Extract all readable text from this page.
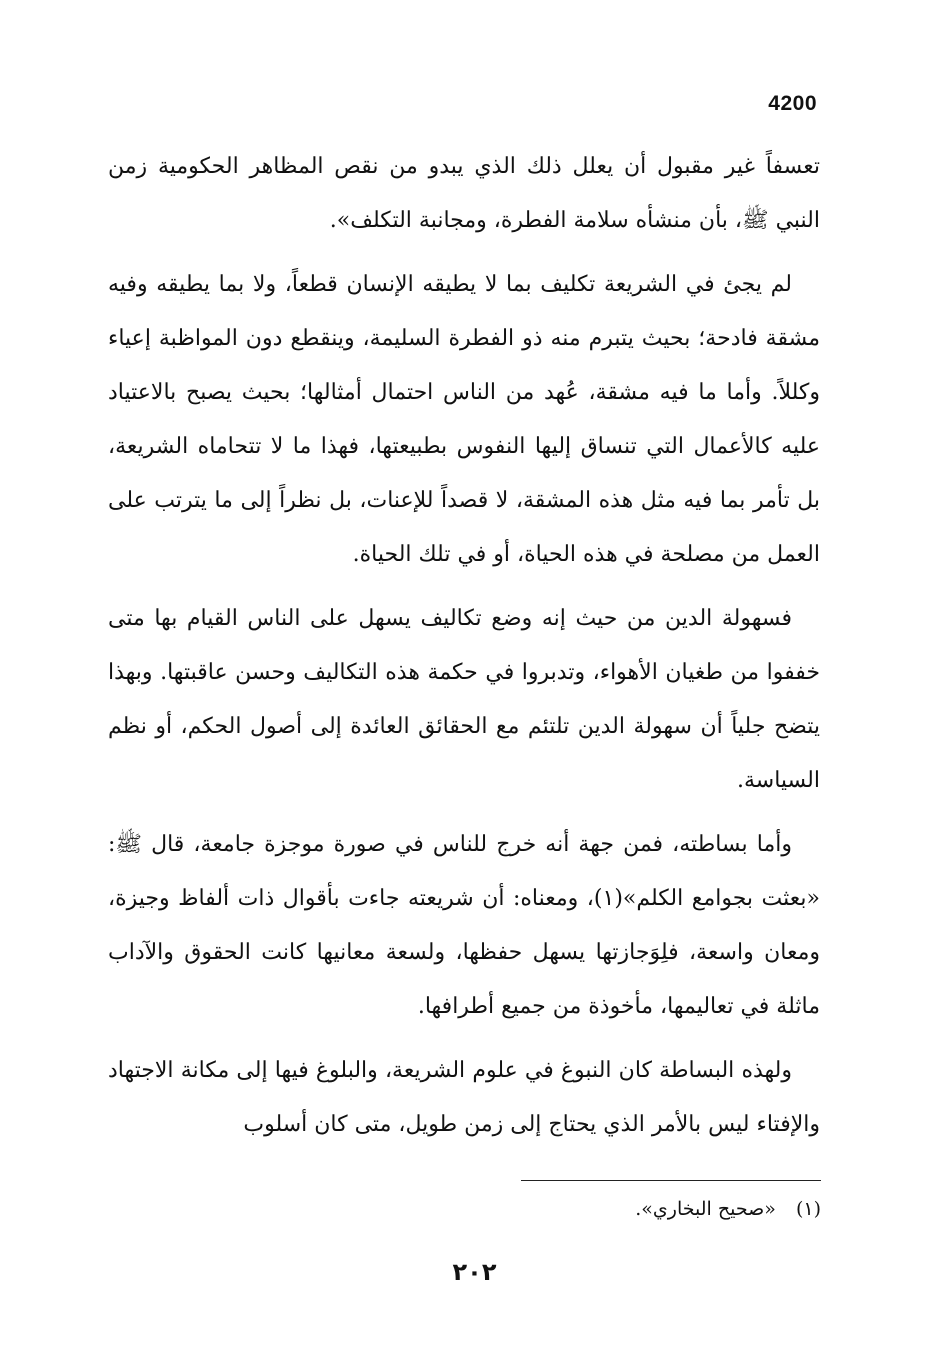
4200

تعسفاً غير مقبول أن يعلل ذلك الذي يبدو من نقص المظاهر الحكومية زمن النبي ﷺ، بأن منشأه سلامة الفطرة، ومجانبة التكلف».

لم يجئ في الشريعة تكليف بما لا يطيقه الإنسان قطعاً، ولا بما يطيقه وفيه مشقة فادحة؛ بحيث يتبرم منه ذو الفطرة السليمة، وينقطع دون المواظبة إعياء وكللاً. وأما ما فيه مشقة، عُهد من الناس احتمال أمثالها؛ بحيث يصبح بالاعتياد عليه كالأعمال التي تنساق إليها النفوس بطبيعتها، فهذا ما لا تتحاماه الشريعة، بل تأمر بما فيه مثل هذه المشقة، لا قصداً للإعنات، بل نظراً إلى ما يترتب على العمل من مصلحة في هذه الحياة، أو في تلك الحياة.

فسهولة الدين من حيث إنه وضع تكاليف يسهل على الناس القيام بها متى خففوا من طغيان الأهواء، وتدبروا في حكمة هذه التكاليف وحسن عاقبتها. وبهذا يتضح جلياً أن سهولة الدين تلتئم مع الحقائق العائدة إلى أصول الحكم، أو نظم السياسة.

وأما بساطته، فمن جهة أنه خرج للناس في صورة موجزة جامعة، قال ﷺ: «بعثت بجوامع الكلم»(١)، ومعناه: أن شريعته جاءت بأقوال ذات ألفاظ وجيزة، ومعان واسعة، فلِوَجازتها يسهل حفظها، ولسعة معانيها كانت الحقوق والآداب ماثلة في تعاليمها، مأخوذة من جميع أطرافها.

ولهذه البساطة كان النبوغ في علوم الشريعة، والبلوغ فيها إلى مكانة الاجتهاد والإفتاء ليس بالأمر الذي يحتاج إلى زمن طويل، متى كان أسلوب

(١) «صحيح البخاري».
٢٠٢
